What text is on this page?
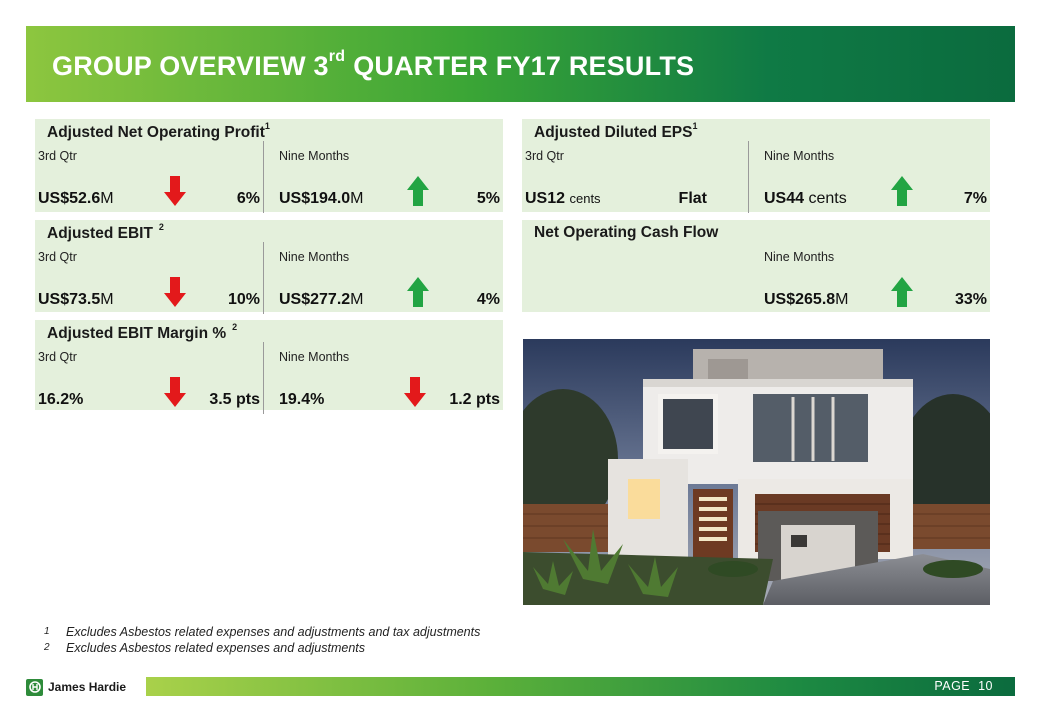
GROUP OVERVIEW 3rd QUARTER FY17 RESULTS
Adjusted Net Operating Profit$^1$
3rd Qtr
US$52.6M	6%
Nine Months
US$194.0M	5%
Adjusted Diluted EPS$^1$
3rd Qtr
US12 cents	Flat
Nine Months
US44 cents	7%
Adjusted EBIT $^2$
3rd Qtr
US$73.5M	10%
Nine Months
US$277.2M	4%
Net Operating Cash Flow
Nine Months
US$265.8M	33%
Adjusted EBIT Margin % $^2$
3rd Qtr
16.2%	3.5 pts
Nine Months
19.4%	1.2 pts
1 Excludes Asbestos related expenses and adjustments and tax adjustments
2 Excludes Asbestos related expenses and adjustments
James Hardie	PAGE 10
